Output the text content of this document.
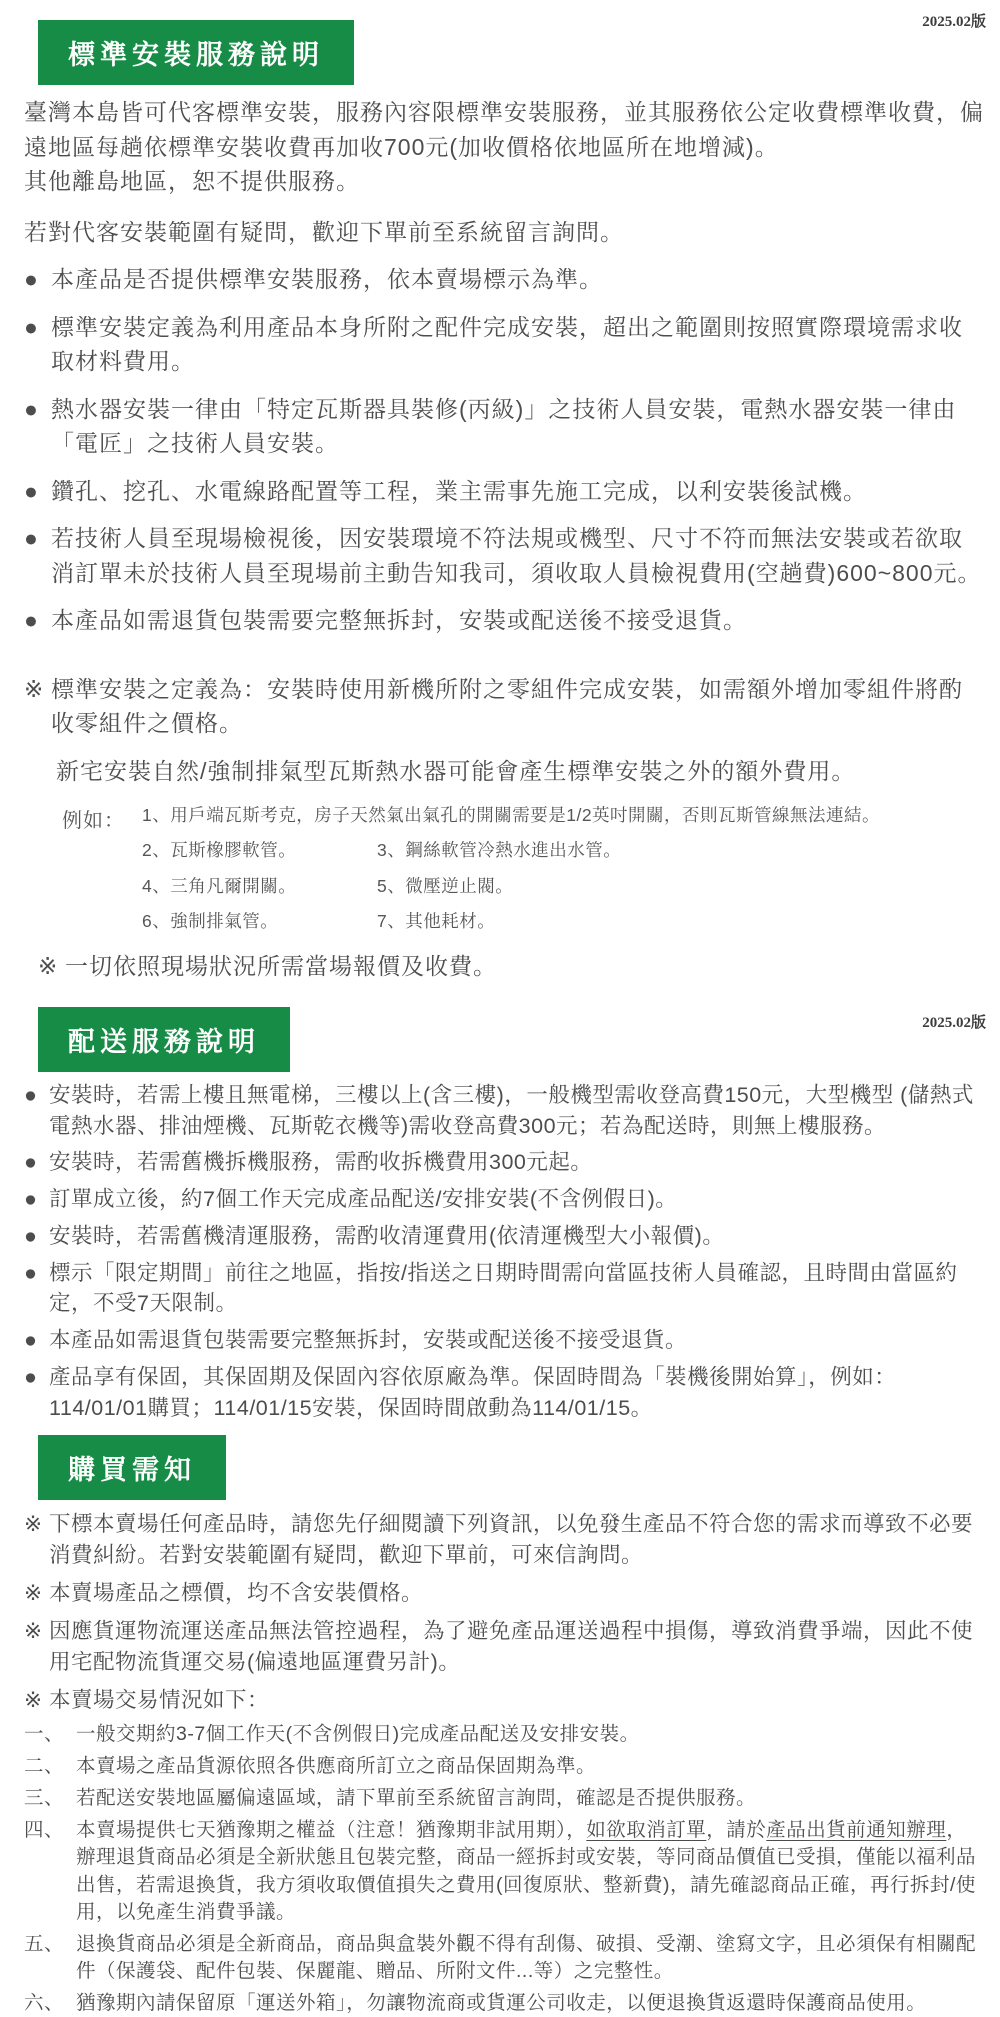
2025.02版
標準安裝服務說明
臺灣本島皆可代客標準安裝，服務內容限標準安裝服務，並其服務依公定收費標準收費，偏遠地區每趟依標準安裝收費再加收700元(加收價格依地區所在地增減)。
其他離島地區，恕不提供服務。
若對代客安裝範圍有疑問，歡迎下單前至系統留言詢問。
● 本產品是否提供標準安裝服務，依本賣場標示為準。
● 標準安裝定義為利用產品本身所附之配件完成安裝，超出之範圍則按照實際環境需求收取材料費用。
● 熱水器安裝一律由「特定瓦斯器具裝修(丙級)」之技術人員安裝，電熱水器安裝一律由「電匠」之技術人員安裝。
● 鑽孔、挖孔、水電線路配置等工程，業主需事先施工完成，以利安裝後試機。
● 若技術人員至現場檢視後，因安裝環境不符法規或機型、尺寸不符而無法安裝或若欲取消訂單未於技術人員至現場前主動告知我司，須收取人員檢視費用(空趟費)600~800元。
● 本產品如需退貨包裝需要完整無拆封，安裝或配送後不接受退貨。
※ 標準安裝之定義為：安裝時使用新機所附之零組件完成安裝，如需額外增加零組件將酌收零組件之價格。
新宅安裝自然/強制排氣型瓦斯熱水器可能會產生標準安裝之外的額外費用。
例如： 1、用戶端瓦斯考克，房子天然氣出氣孔的開關需要是1/2英吋開關，否則瓦斯管線無法連結。
2、瓦斯橡膠軟管。	3、鋼絲軟管冷熱水進出水管。
4、三角凡爾開關。	5、微壓逆止閥。
6、強制排氣管。	7、其他耗材。
※ 一切依照現場狀況所需當場報價及收費。
配送服務說明
2025.02版
● 安裝時，若需上樓且無電梯，三樓以上(含三樓)，一般機型需收登高費150元，大型機型 (儲熱式電熱水器、排油煙機、瓦斯乾衣機等)需收登高費300元；若為配送時，則無上樓服務。
● 安裝時，若需舊機拆機服務，需酌收拆機費用300元起。
● 訂單成立後，約7個工作天完成產品配送/安排安裝(不含例假日)。
● 安裝時，若需舊機清運服務，需酌收清運費用(依清運機型大小報價)。
● 標示「限定期間」前往之地區，指按/指送之日期時間需向當區技術人員確認，且時間由當區約定，不受7天限制。
● 本產品如需退貨包裝需要完整無拆封，安裝或配送後不接受退貨。
● 產品享有保固，其保固期及保固內容依原廠為準。保固時間為「裝機後開始算」，例如：114/01/01購買；114/01/15安裝，保固時間啟動為114/01/15。
購買需知
※ 下標本賣場任何產品時，請您先仔細閱讀下列資訊，以免發生產品不符合您的需求而導致不必要消費糾紛。若對安裝範圍有疑問，歡迎下單前，可來信詢問。
※ 本賣場產品之標價，均不含安裝價格。
※ 因應貨運物流運送產品無法管控過程，為了避免產品運送過程中損傷，導致消費爭端，因此不使用宅配物流貨運交易(偏遠地區運費另計)。
※ 本賣場交易情況如下：
一、 一般交期約3-7個工作天(不含例假日)完成產品配送及安排安裝。
二、 本賣場之產品貨源依照各供應商所訂立之商品保固期為準。
三、 若配送安裝地區屬偏遠區域，請下單前至系統留言詢問，確認是否提供服務。
四、 本賣場提供七天猶豫期之權益（注意！猶豫期非試用期），如欲取消訂單，請於產品出貨前通知辦理，辦理退貨商品必須是全新狀態且包裝完整，商品一經拆封或安裝，等同商品價值已受損，僅能以福利品出售，若需退換貨，我方須收取價值損失之費用(回復原狀、整新費)，請先確認商品正確，再行拆封/使用，以免產生消費爭議。
五、 退換貨商品必須是全新商品，商品與盒裝外觀不得有刮傷、破損、受潮、塗寫文字，且必須保有相關配件（保護袋、配件包裝、保麗龍、贈品、所附文件...等）之完整性。
六、 猶豫期內請保留原「運送外箱」，勿讓物流商或貨運公司收走，以便退換貨返還時保護商品使用。
